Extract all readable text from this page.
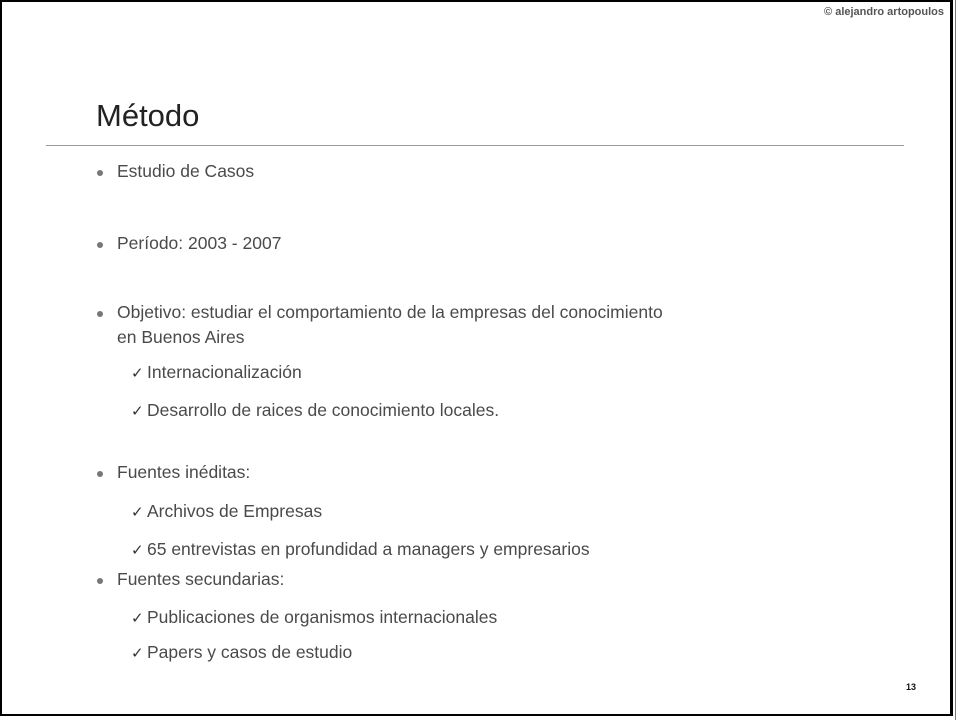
© alejandro artopoulos
Método
Estudio de Casos
Período: 2003 - 2007
Objetivo: estudiar el comportamiento de la empresas del conocimiento
en Buenos Aires
✓ Internacionalización
✓ Desarrollo de raices de conocimiento locales.
Fuentes inéditas:
✓ Archivos de Empresas
✓ 65 entrevistas en profundidad a managers y empresarios
Fuentes secundarias:
✓ Publicaciones de organismos internacionales
✓ Papers y casos de estudio
13
